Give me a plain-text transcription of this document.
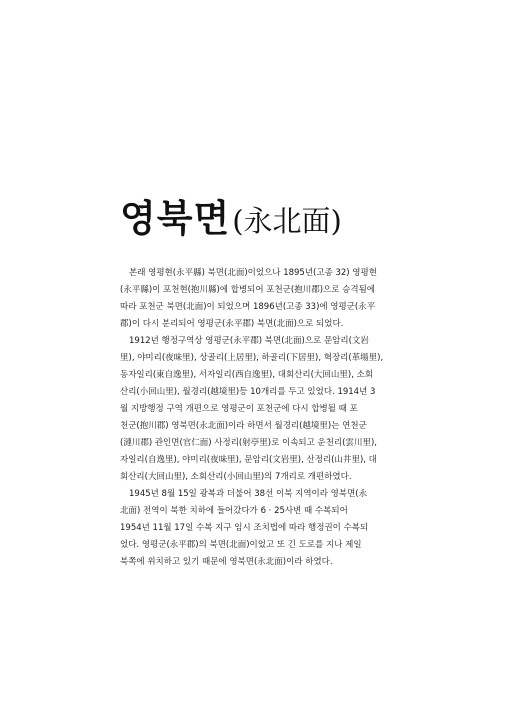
영북면(永北面)
본래 영평현(永平縣) 북면(北面)이었으나 1895년(고종 32) 영평현
(永平縣)이 포천현(抱川縣)에 합병되어 포천군(抱川郡)으로 승격됨에
따라 포천군 북면(北面)이 되었으며 1896년(고종 33)에 영평군(永平
郡)이 다시 분리되어 영평군(永平郡) 북면(北面)으로 되었다.
1912년 행정구역상 영평군(永平郡) 북면(北面)으로 문암리(文岩
里), 야미리(夜味里), 상골리(上居里), 하골리(下居里), 혁장리(革場里),
동자일리(東自逸里), 서자일리(西自逸里), 대회산리(大回山里), 소회
산리(小回山里), 월경리(越境里)등 10개리를 두고 있었다. 1914년 3
월 지방행정 구역 개편으로 영평군이 포천군에 다시 합병될 때 포
천군(抱川郡) 영북면(永北面)이라 하면서 월경리(越境里)는 연천군
(漣川郡) 관인면(官仁面) 사정리(射亭里)로 이속되고 운천리(雲川里),
자일리(自逸里), 야미리(夜味里), 문암리(文岩里), 산정리(山井里), 대
회산리(大回山里), 소회산리(小回山里)의 7개리로 개편하였다.
1945년 8월 15일 광복과 더불어 38선 이북 지역이라 영북면(永
北面) 전역이 북한 치하에 들어갔다가 6 · 25사변 때 수복되어
1954년 11월 17일 수복 지구 임시 조치법에 따라 행정권이 수복되
었다. 영평군(永平郡)의 북면(北面)이었고 또 긴 도로를 지나 제일
북쪽에 위치하고 있기 때문에 영북면(永北面)이라 하였다.
